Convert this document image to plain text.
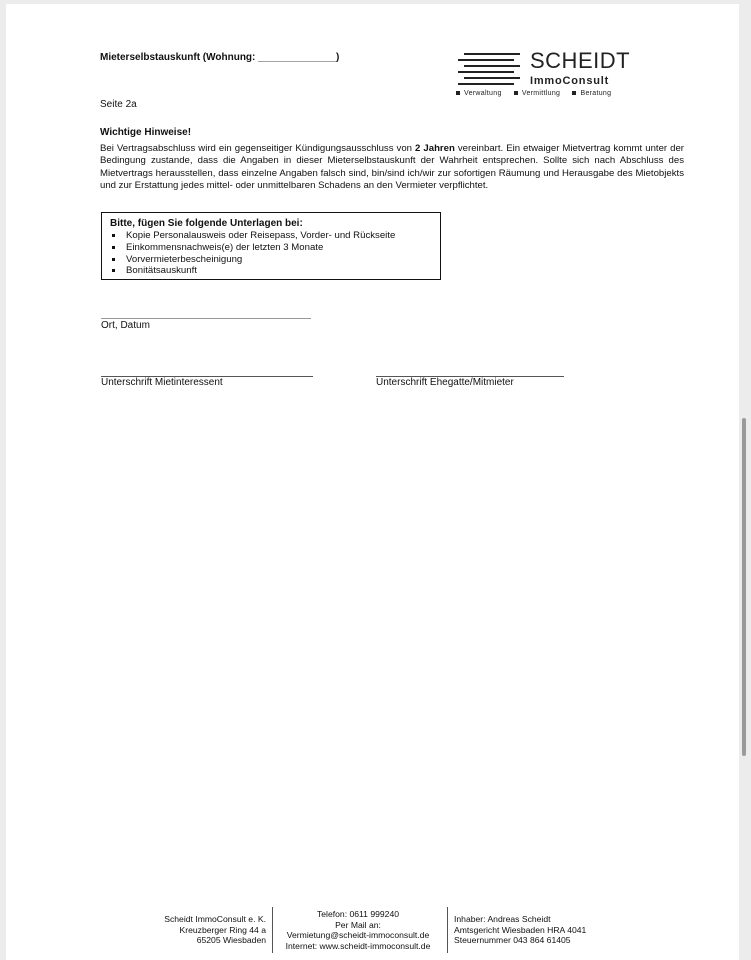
Mieterselbstauskunft (Wohnung: ______________)	SCHEIDT
ImmoConsult
Verwaltung	Vermittlung	Beratung
Seite 2a
Wichtige Hinweise!
Bei Vertragsabschluss wird ein gegenseitiger Kündigungsausschluss von 2 Jahren vereinbart. Ein etwaiger Mietvertrag kommt unter der Bedingung zustande, dass die Angaben in dieser Mieterselbstauskunft der Wahrheit entsprechen. Sollte sich nach Abschluss des Mietvertrags herausstellen, dass einzelne Angaben falsch sind, bin/sind ich/wir zur sofortigen Räumung und Herausgabe des Mietobjekts und zur Erstattung jedes mittel- oder unmittelbaren Schadens an den Vermieter verpflichtet.
Bitte, fügen Sie folgende Unterlagen bei:
Kopie Personalausweis oder Reisepass, Vorder- und Rückseite
Einkommensnachweis(e) der letzten 3 Monate
Vorvermieterbescheinigung
Bonitätsauskunft
Ort, Datum
Unterschrift Mietinteressent	Unterschrift Ehegatte/Mitmieter
Scheidt ImmoConsult e. K.
Kreuzberger Ring 44 a
65205 Wiesbaden
Telefon: 0611 999240
Per Mail an:
Vermietung@scheidt-immoconsult.de
Internet: www.scheidt-immoconsult.de
Inhaber: Andreas Scheidt
Amtsgericht Wiesbaden HRA 4041
Steuernummer 043 864 61405
